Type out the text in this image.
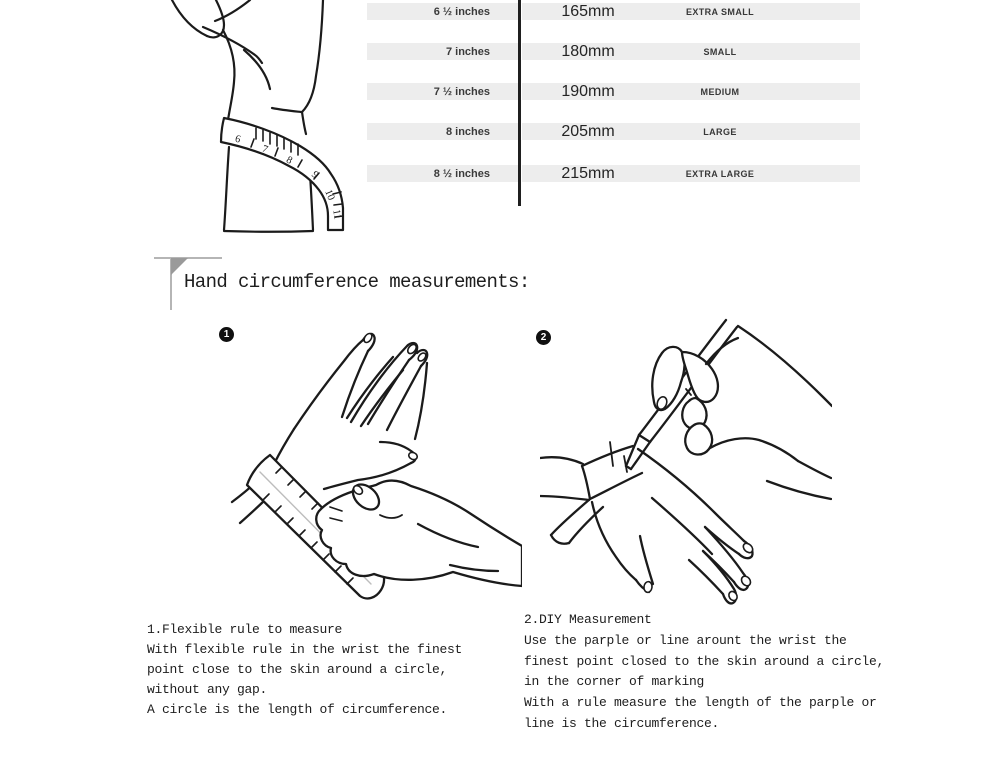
6
7
8
9
10
11
6 ½ inches	165mm	EXTRA SMALL
7 inches	180mm	SMALL
7 ½ inches	190mm	MEDIUM
8 inches	205mm	LARGE
8 ½ inches	215mm	EXTRA LARGE
Hand circumference measurements:
1	2
1.Flexible rule to measure
With flexible rule in the wrist the finest
point close to the skin around a circle,
without any gap.
A circle is the length of circumference.
2.DIY Measurement
Use the parple or line arount the wrist the
finest point closed to the skin around a circle,
in the corner of marking
With a rule measure the length of the parple or
line is the circumference.
